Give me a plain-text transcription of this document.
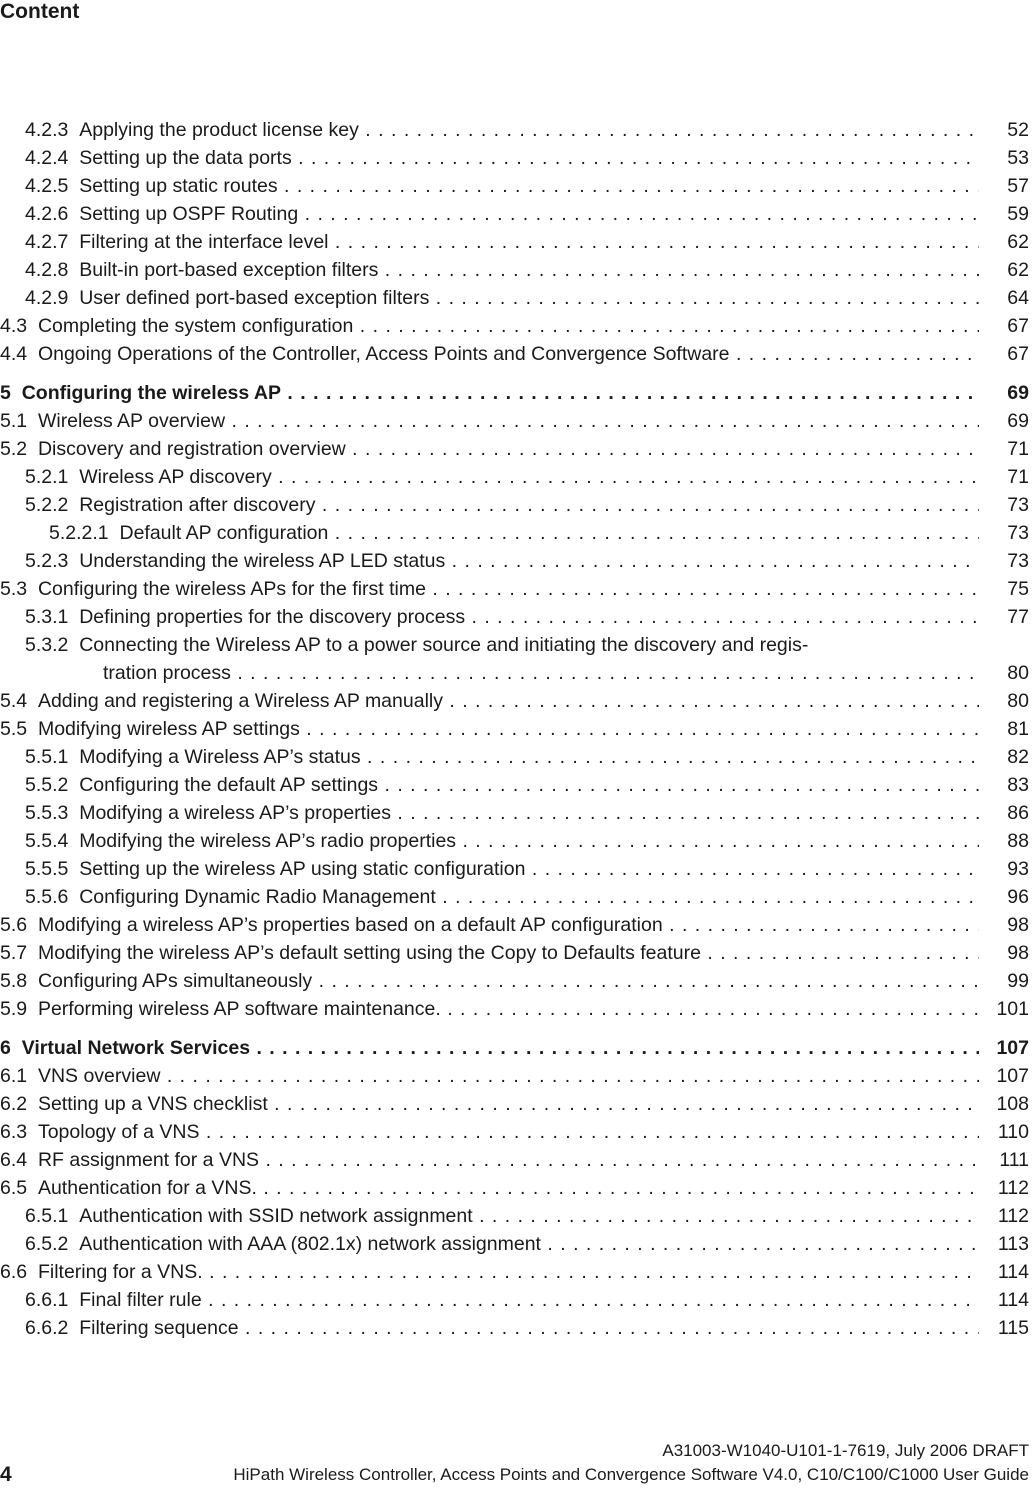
Content
4.2.3 Applying the product license key . . .	52
4.2.4 Setting up the data ports . . .	53
4.2.5 Setting up static routes . . .	57
4.2.6 Setting up OSPF Routing . . .	59
4.2.7 Filtering at the interface level . . .	62
4.2.8 Built-in port-based exception filters . . .	62
4.2.9 User defined port-based exception filters . . .	64
4.3 Completing the system configuration . . .	67
4.4 Ongoing Operations of the Controller, Access Points and Convergence Software . . .	67
5 Configuring the wireless AP . . .	69
5.1 Wireless AP overview . . .	69
5.2 Discovery and registration overview . . .	71
5.2.1 Wireless AP discovery . . .	71
5.2.2 Registration after discovery . . .	73
5.2.2.1 Default AP configuration . . .	73
5.2.3 Understanding the wireless AP LED status . . .	73
5.3 Configuring the wireless APs for the first time . . .	75
5.3.1 Defining properties for the discovery process . . .	77
5.3.2 Connecting the Wireless AP to a power source and initiating the discovery and regis-
tration process . . .	80
5.4 Adding and registering a Wireless AP manually . . .	80
5.5 Modifying wireless AP settings . . .	81
5.5.1 Modifying a Wireless AP’s status . . .	82
5.5.2 Configuring the default AP settings . . .	83
5.5.3 Modifying a wireless AP’s properties . . .	86
5.5.4 Modifying the wireless AP’s radio properties . . .	88
5.5.5 Setting up the wireless AP using static configuration . . .	93
5.5.6 Configuring Dynamic Radio Management . . .	96
5.6 Modifying a wireless AP’s properties based on a default AP configuration . . .	98
5.7 Modifying the wireless AP’s default setting using the Copy to Defaults feature . . .	98
5.8 Configuring APs simultaneously . . .	99
5.9 Performing wireless AP software maintenance. . . .	101
6 Virtual Network Services . . .	107
6.1 VNS overview . . .	107
6.2 Setting up a VNS checklist . . .	108
6.3 Topology of a VNS . . .	110
6.4 RF assignment for a VNS . . .	111
6.5 Authentication for a VNS. . . .	112
6.5.1 Authentication with SSID network assignment . . .	112
6.5.2 Authentication with AAA (802.1x) network assignment . . .	113
6.6 Filtering for a VNS. . . .	114
6.6.1 Final filter rule . . .	114
6.6.2 Filtering sequence . . .	115
A31003-W1040-U101-1-7619, July 2006 DRAFT
4	HiPath Wireless Controller, Access Points and Convergence Software V4.0, C10/C100/C1000 User Guide
